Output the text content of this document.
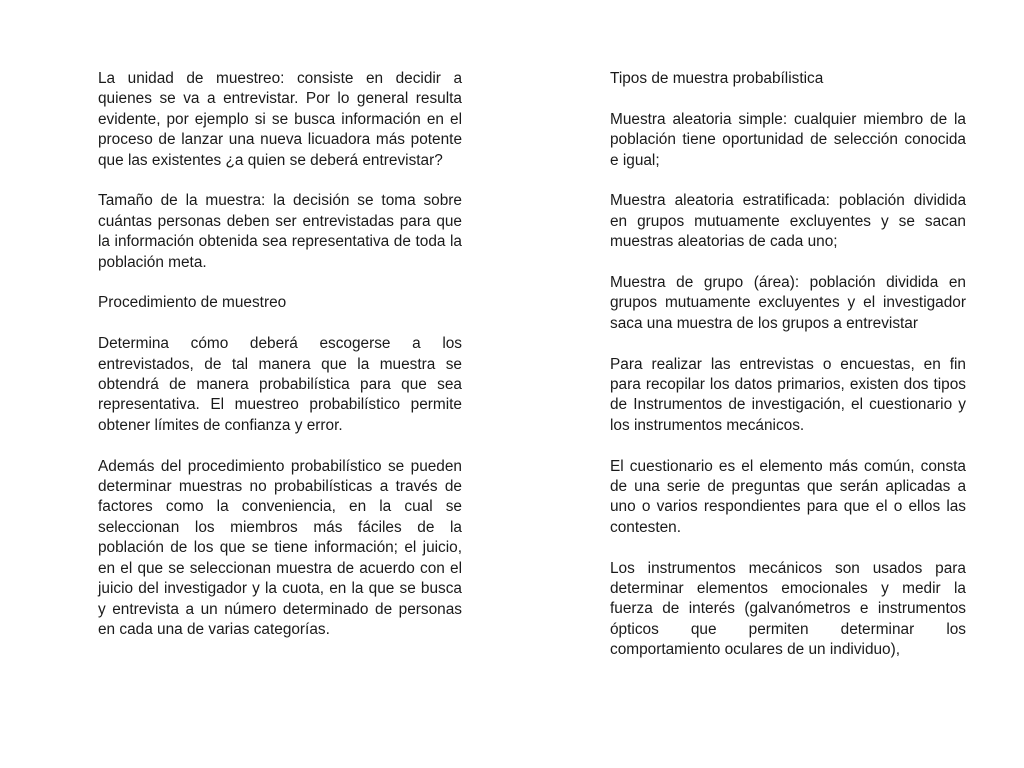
La unidad de muestreo: consiste en decidir a quienes se va a entrevistar. Por lo general resulta evidente, por ejemplo si se busca información en el proceso de lanzar una nueva licuadora más potente que las existentes ¿a quien se deberá entrevistar?

Tamaño de la muestra: la decisión se toma sobre cuántas personas deben ser entrevistadas para que la información obtenida sea representativa de toda la población meta.

Procedimiento de muestreo

Determina cómo deberá escogerse a los entrevistados, de tal manera que la muestra se obtendrá de manera probabilística para que sea representativa. El muestreo probabilístico permite obtener límites de confianza y error.

Además del procedimiento probabilístico se pueden determinar muestras no probabilísticas a través de factores como la conveniencia, en la cual se seleccionan los miembros más fáciles de la población de los que se tiene información; el juicio, en el que se seleccionan muestra de acuerdo con el juicio del investigador y la cuota, en la que se busca y entrevista a un número determinado de personas en cada una de varias categorías.

Tipos de muestra probabílistica

Muestra aleatoria simple: cualquier miembro de la población tiene oportunidad de selección conocida e igual;

Muestra aleatoria estratificada: población dividida en grupos mutuamente excluyentes y se sacan muestras aleatorias de cada uno;

Muestra de grupo (área): población dividida en grupos mutuamente excluyentes y el investigador saca una muestra de los grupos a entrevistar

Para realizar las entrevistas o encuestas, en fin para recopilar los datos primarios, existen dos tipos de Instrumentos de investigación, el cuestionario y los instrumentos mecánicos.

El cuestionario es el elemento más común, consta de una serie de preguntas que serán aplicadas a uno o varios respondientes para que el o ellos las contesten.

Los instrumentos mecánicos son usados para determinar elementos emocionales y medir la fuerza de interés (galvanómetros e instrumentos ópticos que permiten determinar los comportamiento oculares de un individuo),
